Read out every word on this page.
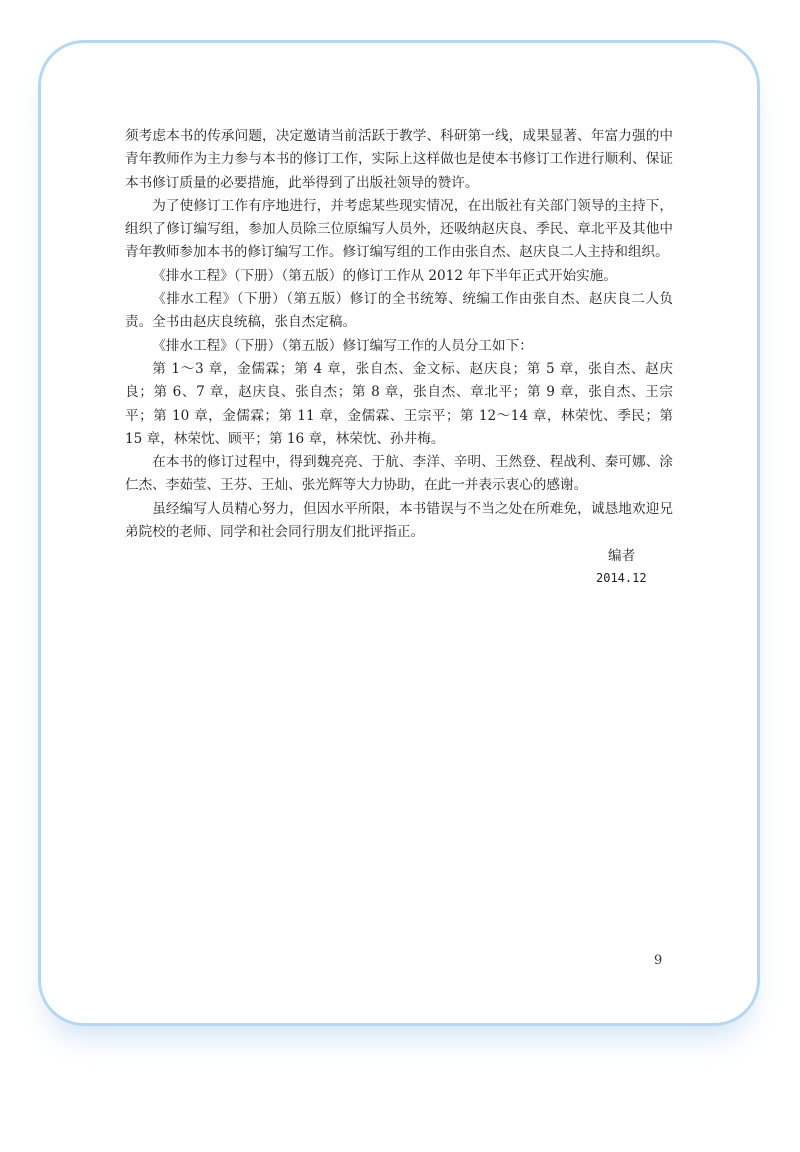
须考虑本书的传承问题，决定邀请当前活跃于教学、科研第一线，成果显著、年富力强的中青年教师作为主力参与本书的修订工作，实际上这样做也是使本书修订工作进行顺利、保证本书修订质量的必要措施，此举得到了出版社领导的赞许。

为了使修订工作有序地进行，并考虑某些现实情况，在出版社有关部门领导的主持下，组织了修订编写组，参加人员除三位原编写人员外，还吸纳赵庆良、季民、章北平及其他中青年教师参加本书的修订编写工作。修订编写组的工作由张自杰、赵庆良二人主持和组织。

《排水工程》（下册）（第五版）的修订工作从 2012 年下半年正式开始实施。

《排水工程》（下册）（第五版）修订的全书统筹、统编工作由张自杰、赵庆良二人负责。全书由赵庆良统稿，张自杰定稿。

《排水工程》（下册）（第五版）修订编写工作的人员分工如下：

第 1～3 章，金儒霖；第 4 章，张自杰、金文标、赵庆良；第 5 章，张自杰、赵庆良；第 6、7 章，赵庆良、张自杰；第 8 章，张自杰、章北平；第 9 章，张自杰、王宗平；第 10 章，金儒霖；第 11 章，金儒霖、王宗平；第 12～14 章，林荣忱、季民；第 15 章，林荣忱、顾平；第 16 章，林荣忱、孙井梅。

在本书的修订过程中，得到魏亮亮、于航、李洋、辛明、王然登、程战利、秦可娜、涂仁杰、李茹莹、王芬、王灿、张光辉等大力协助，在此一并表示衷心的感谢。

虽经编写人员精心努力，但因水平所限，本书错误与不当之处在所难免，诚恳地欢迎兄弟院校的老师、同学和社会同行朋友们批评指正。

编者
2014.12
9
